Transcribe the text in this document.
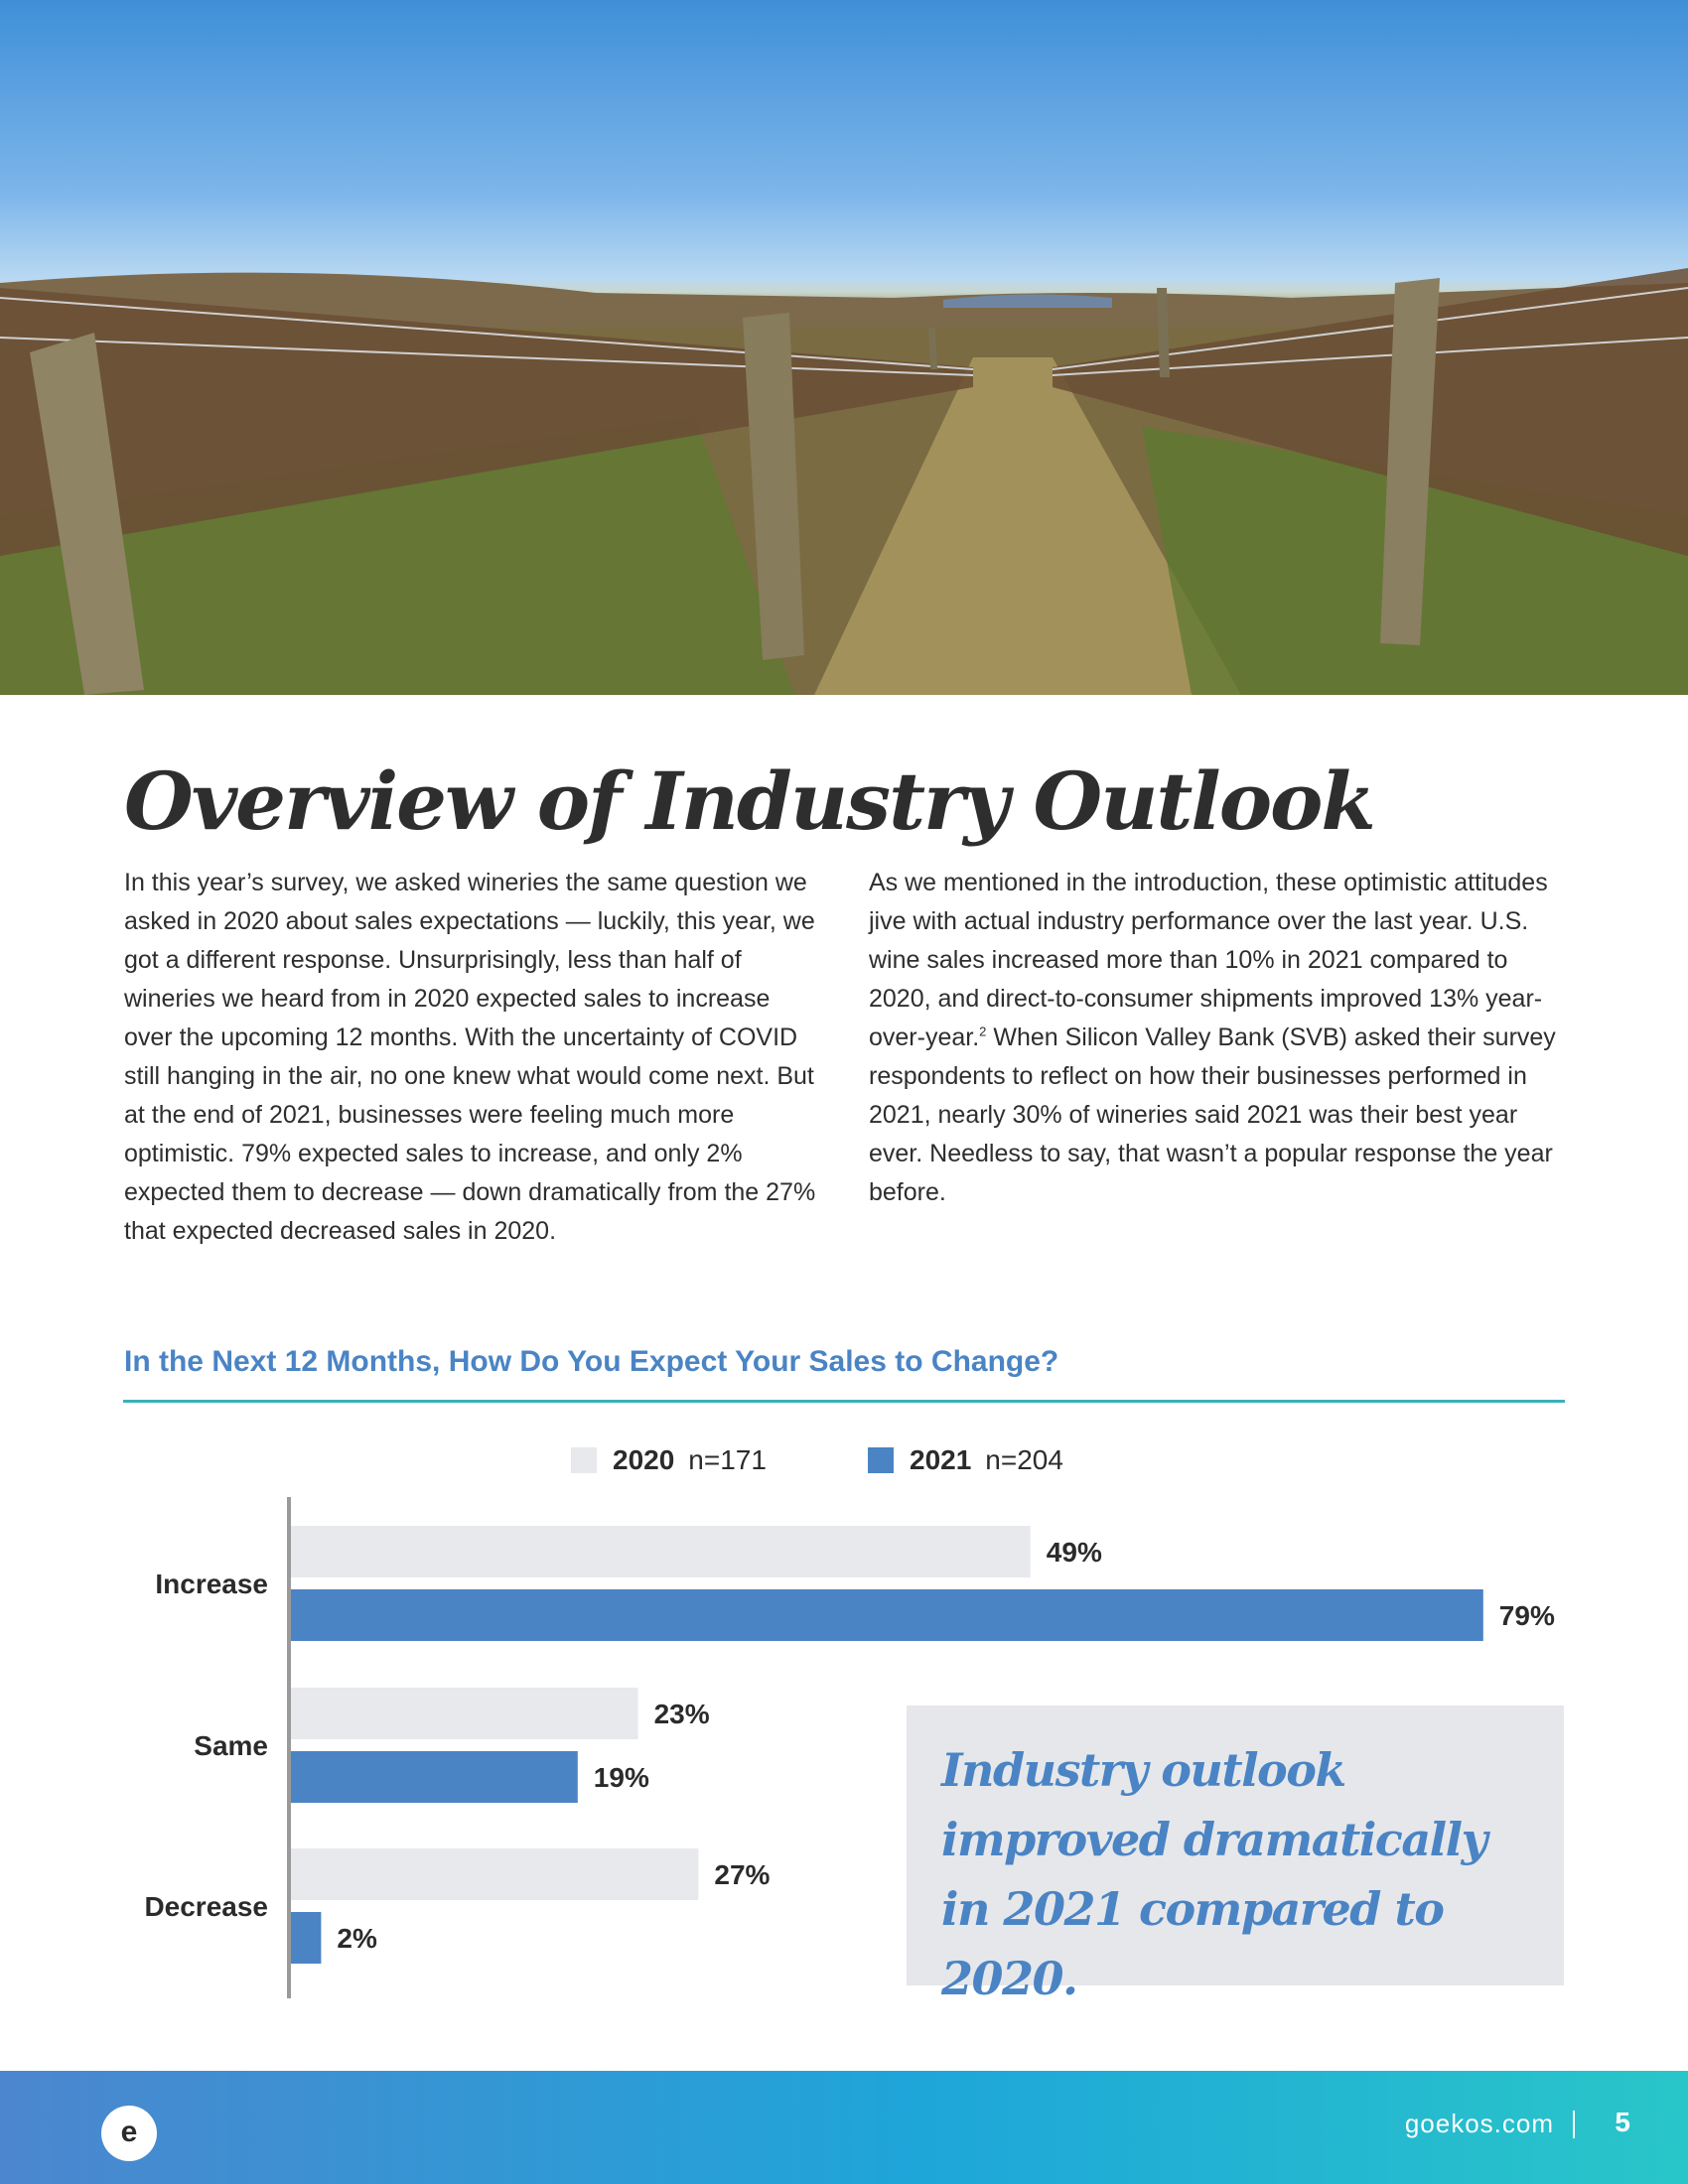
Overview of Industry Outlook

In this year’s survey, we asked wineries the same question we asked in 2020 about sales expectations — luckily, this year, we got a different response. Unsurprisingly, less than half of wineries we heard from in 2020 expected sales to increase over the upcoming 12 months. With the uncertainty of COVID still hanging in the air, no one knew what would come next. But at the end of 2021, businesses were feeling much more optimistic. 79% expected sales to increase, and only 2% expected them to decrease — down dramatically from the 27% that expected decreased sales in 2020.

As we mentioned in the introduction, these optimistic attitudes jive with actual industry performance over the last year. U.S. wine sales increased more than 10% in 2021 compared to 2020, and direct-to-consumer shipments improved 13% year-over-year.$^2$ When Silicon Valley Bank (SVB) asked their survey respondents to reflect on how their businesses performed in 2021, nearly 30% of wineries said 2021 was their best year ever. Needless to say, that wasn’t a popular response the year before.

In the Next 12 Months, How Do You Expect Your Sales to Change?
2020 n=171	2021 n=204
Increase
49%
79%
Same
23%
19%
Decrease
27%
2%

Industry outlook improved dramatically in 2021 compared to 2020.

e	goekos.com 5
